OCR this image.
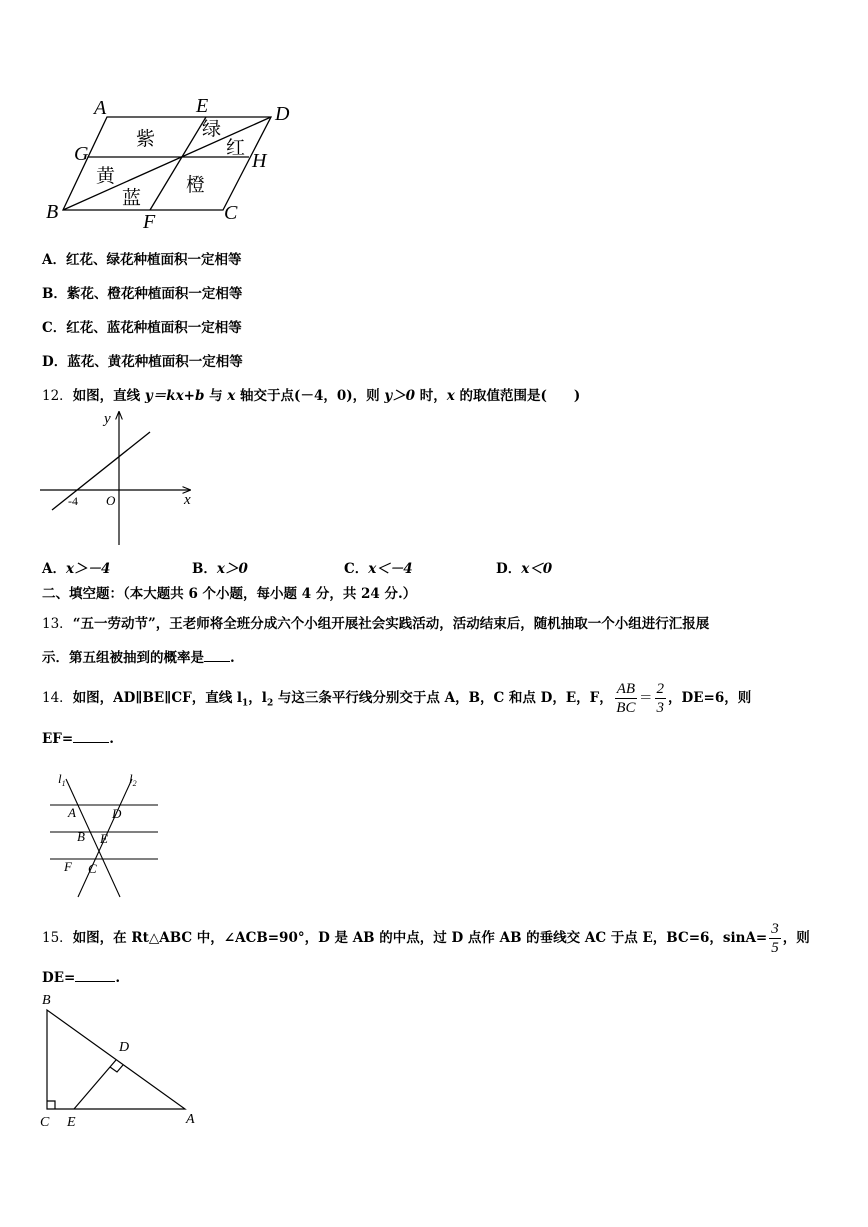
A	E	D
G	H
B	F	C
紫 绿
红
黄
蓝
橙
A．红花、绿花种植面积一定相等
B．紫花、橙花种植面积一定相等
C．红花、蓝花种植面积一定相等
D．蓝花、黄花种植面积一定相等
12．如图，直线 y＝kx+b 与 x 轴交于点(－4，0)，则 y＞0 时，x 的取值范围是(　　)
y
x
O
-4
A．x＞－4	B．x＞0	C．x＜－4	D．x＜0
二、填空题：（本大题共 6 个小题，每小题 4 分，共 24 分.）
13．“五一劳动节”，王老师将全班分成六个小组开展社会实践活动，活动结束后，随机抽取一个小组进行汇报展
示．第五组被抽到的概率是 .
14．如图，AD∥BE∥CF，直线 $l_1$，$l_2$ 与这三条平行线分别交于点 A，B，C 和点 D，E，F， $\frac{AB}{BC} = \frac{2}{3}$ ，DE=6，则
EF=	.
$l_1$	$l_2$
A	D
B E
F C
15．如图，在 Rt△ABC 中，∠ACB=90°，D 是 AB 的中点，过 D 点作 AB 的垂线交 AC 于点 E，BC=6，$\sin A= \frac{3}{5}$ ，则
DE=	.
B
D
C E	A
